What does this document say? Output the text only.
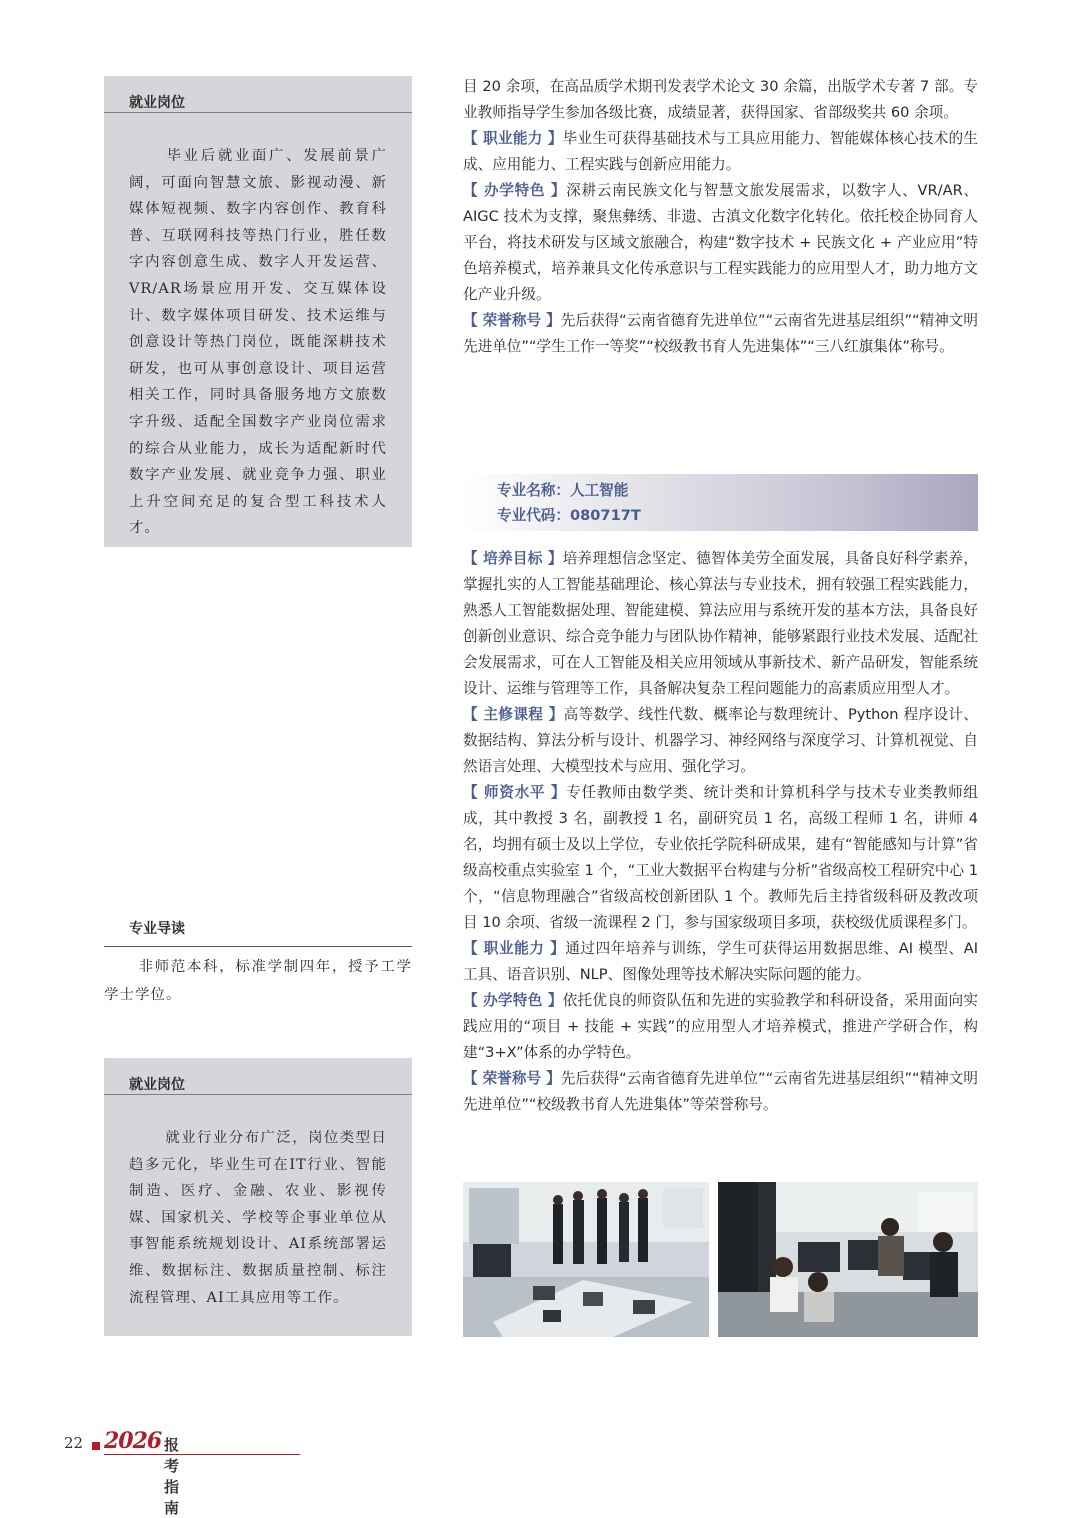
就业岗位
毕业后就业面广、发展前景广阔，可面向智慧文旅、影视动漫、新媒体短视频、数字内容创作、教育科普、互联网科技等热门行业，胜任数字内容创意生成、数字人开发运营、VR/AR场景应用开发、交互媒体设计、数字媒体项目研发、技术运维与创意设计等热门岗位，既能深耕技术研发，也可从事创意设计、项目运营相关工作，同时具备服务地方文旅数字升级、适配全国数字产业岗位需求的综合从业能力，成长为适配新时代数字产业发展、就业竞争力强、职业上升空间充足的复合型工科技术人才。
专业导读
非师范本科，标准学制四年，授予工学学士学位。
就业岗位
就业行业分布广泛，岗位类型日趋多元化，毕业生可在IT行业、智能制造、医疗、金融、农业、影视传媒、国家机关、学校等企事业单位从事智能系统规划设计、AI系统部署运维、数据标注、数据质量控制、标注流程管理、AI工具应用等工作。

目 20 余项，在高品质学术期刊发表学术论文 30 余篇，出版学术专著 7 部。专业教师指导学生参加各级比赛，成绩显著，获得国家、省部级奖共 60 余项。

【 职业能力 】毕业生可获得基础技术与工具应用能力、智能媒体核心技术的生成、应用能力、工程实践与创新应用能力。

【 办学特色 】深耕云南民族文化与智慧文旅发展需求，以数字人、VR/AR、AIGC 技术为支撑，聚焦彝绣、非遗、古滇文化数字化转化。依托校企协同育人平台，将技术研发与区域文旅融合，构建“数字技术 + 民族文化 + 产业应用”特色培养模式，培养兼具文化传承意识与工程实践能力的应用型人才，助力地方文化产业升级。

【 荣誉称号 】先后获得“云南省德育先进单位”“云南省先进基层组织”“精神文明先进单位”“学生工作一等奖”“校级教书育人先进集体”“三八红旗集体”称号。

专业名称：人工智能
专业代码：080717T

【 培养目标 】培养理想信念坚定、德智体美劳全面发展，具备良好科学素养，掌握扎实的人工智能基础理论、核心算法与专业技术，拥有较强工程实践能力，熟悉人工智能数据处理、智能建模、算法应用与系统开发的基本方法，具备良好创新创业意识、综合竞争能力与团队协作精神，能够紧跟行业技术发展、适配社会发展需求，可在人工智能及相关应用领域从事新技术、新产品研发，智能系统设计、运维与管理等工作，具备解决复杂工程问题能力的高素质应用型人才。

【 主修课程 】高等数学、线性代数、概率论与数理统计、Python 程序设计、数据结构、算法分析与设计、机器学习、神经网络与深度学习、计算机视觉、自然语言处理、大模型技术与应用、强化学习。

【 师资水平 】专任教师由数学类、统计类和计算机科学与技术专业类教师组成，其中教授 3 名，副教授 1 名，副研究员 1 名，高级工程师 1 名，讲师 4 名，均拥有硕士及以上学位，专业依托学院科研成果，建有“智能感知与计算”省级高校重点实验室 1 个，“工业大数据平台构建与分析”省级高校工程研究中心 1 个，“信息物理融合”省级高校创新团队 1 个。教师先后主持省级科研及教改项目 10 余项、省级一流课程 2 门，参与国家级项目多项，获校级优质课程多门。

【 职业能力 】通过四年培养与训练，学生可获得运用数据思维、AI 模型、AI 工具、语音识别、NLP、图像处理等技术解决实际问题的能力。

【 办学特色 】依托优良的师资队伍和先进的实验教学和科研设备，采用面向实践应用的“项目 + 技能 + 实践”的应用型人才培养模式，推进产学研合作，构建“3+X”体系的办学特色。

【 荣誉称号 】先后获得“云南省德育先进单位”“云南省先进基层组织”“精神文明先进单位”“校级教书育人先进集体”等荣誉称号。

22 2026 报考指南
